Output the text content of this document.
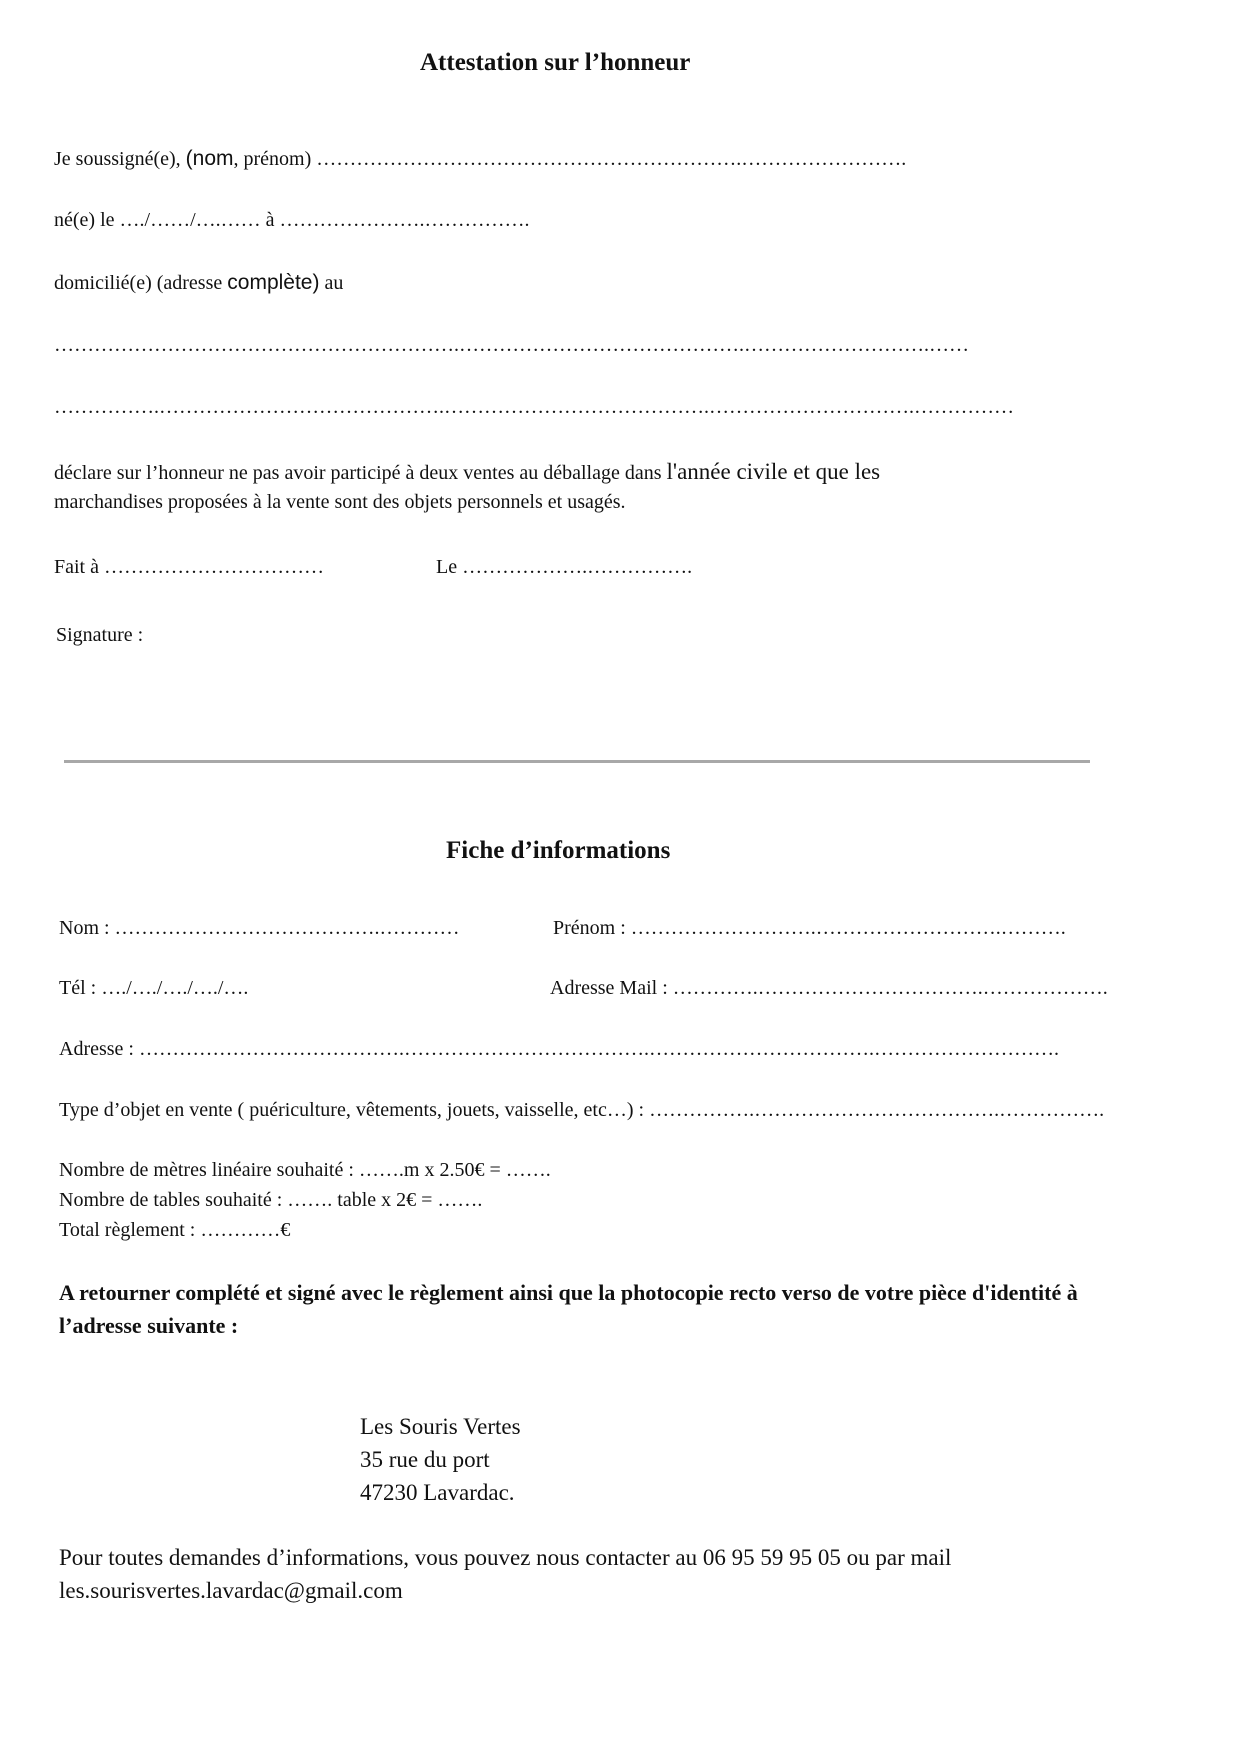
Attestation sur l’honneur
Je soussigné(e), (nom, prénom) ……………………………………………………….…………………….
né(e) le …./……/….…… à ………………….…………….
domicilié(e) (adresse complète) au
…………………………………………………….…………………………………….……………………….……
…………….…………………………………….………………………………….………………………….……………
déclare sur l’honneur ne pas avoir participé à deux ventes au déballage dans l'année civile et que les
marchandises proposées à la vente sont des objets personnels et usagés.
Fait à ……………………………	Le ……………….…………….
Signature :
Fiche d’informations
Nom : ………………………………….…………	Prénom : ……………………….……………………….……….
Tél : …./…./…./…./….	Adresse Mail : ………….…………………………….……………….
Adresse : ………………………………….……………………………….…………………………….……………………….
Type d’objet en vente ( puériculture, vêtements, jouets, vaisselle, etc…) : …………….……………………………….…………….
Nombre de mètres linéaire souhaité : …….m x 2.50€ = …….
Nombre de tables souhaité : ……. table x 2€ = …….
Total règlement : …………€
A retourner complété et signé avec le règlement ainsi que la photocopie recto verso de votre pièce d'identité à
l’adresse suivante :
Les Souris Vertes
35 rue du port
47230 Lavardac.
Pour toutes demandes d’informations, vous pouvez nous contacter au 06 95 59 95 05 ou par mail
les.sourisvertes.lavardac@gmail.com
